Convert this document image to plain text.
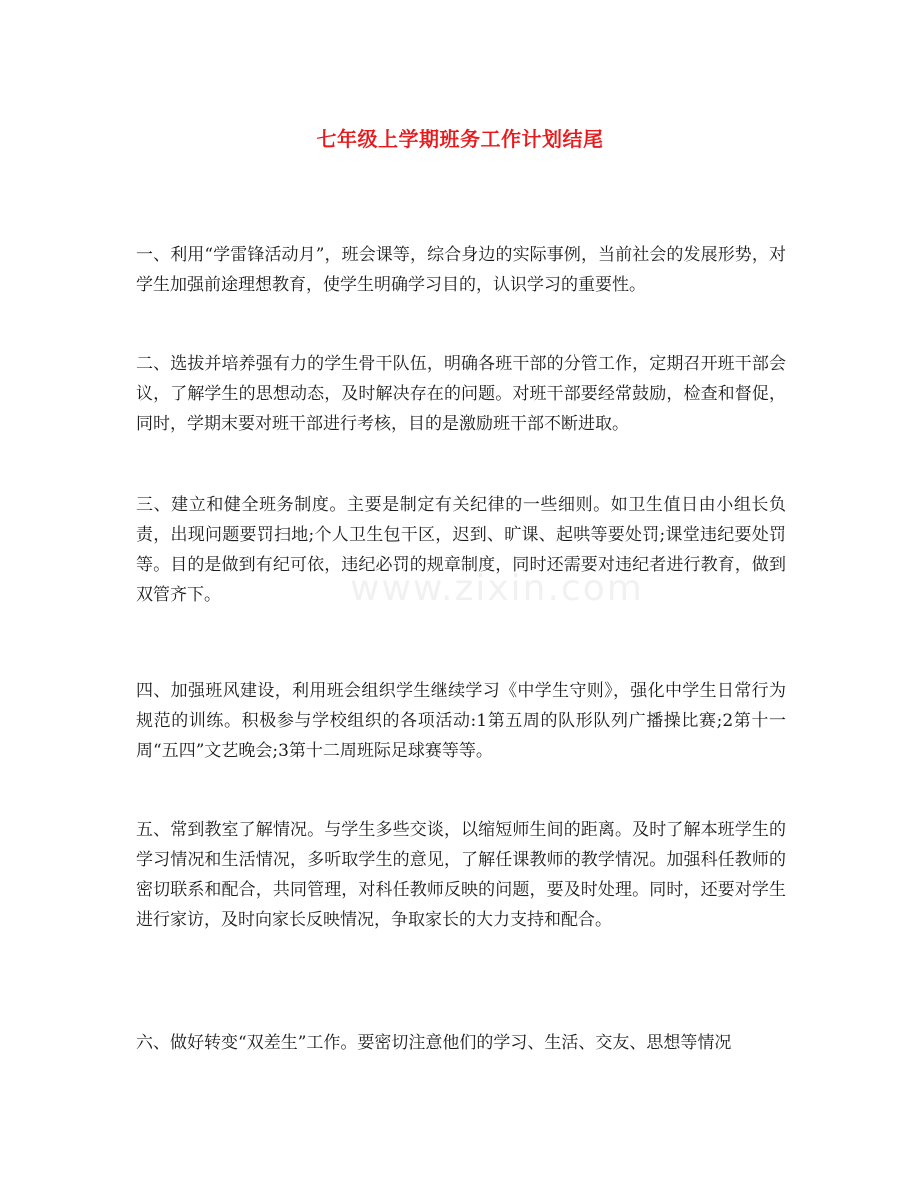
七年级上学期班务工作计划结尾
www.zixin.com
一、利用“学雷锋活动月”，班会课等，综合身边的实际事例，当前社会的发展形势，对学生加强前途理想教育，使学生明确学习目的，认识学习的重要性。
二、选拔并培养强有力的学生骨干队伍，明确各班干部的分管工作，定期召开班干部会议，了解学生的思想动态，及时解决存在的问题。对班干部要经常鼓励，检查和督促，同时，学期末要对班干部进行考核，目的是激励班干部不断进取。
三、建立和健全班务制度。主要是制定有关纪律的一些细则。如卫生值日由小组长负责，出现问题要罚扫地;个人卫生包干区，迟到、旷课、起哄等要处罚;课堂违纪要处罚等。目的是做到有纪可依，违纪必罚的规章制度，同时还需要对违纪者进行教育，做到双管齐下。
四、加强班风建设，利用班会组织学生继续学习《中学生守则》，强化中学生日常行为规范的训练。积极参与学校组织的各项活动:1第五周的队形队列广播操比赛;2第十一周“五四”文艺晚会;3第十二周班际足球赛等等。
五、常到教室了解情况。与学生多些交谈，以缩短师生间的距离。及时了解本班学生的学习情况和生活情况，多听取学生的意见，了解任课教师的教学情况。加强科任教师的密切联系和配合，共同管理，对科任教师反映的问题，要及时处理。同时，还要对学生进行家访，及时向家长反映情况，争取家长的大力支持和配合。
六、做好转变“双差生”工作。要密切注意他们的学习、生活、交友、思想等情况
